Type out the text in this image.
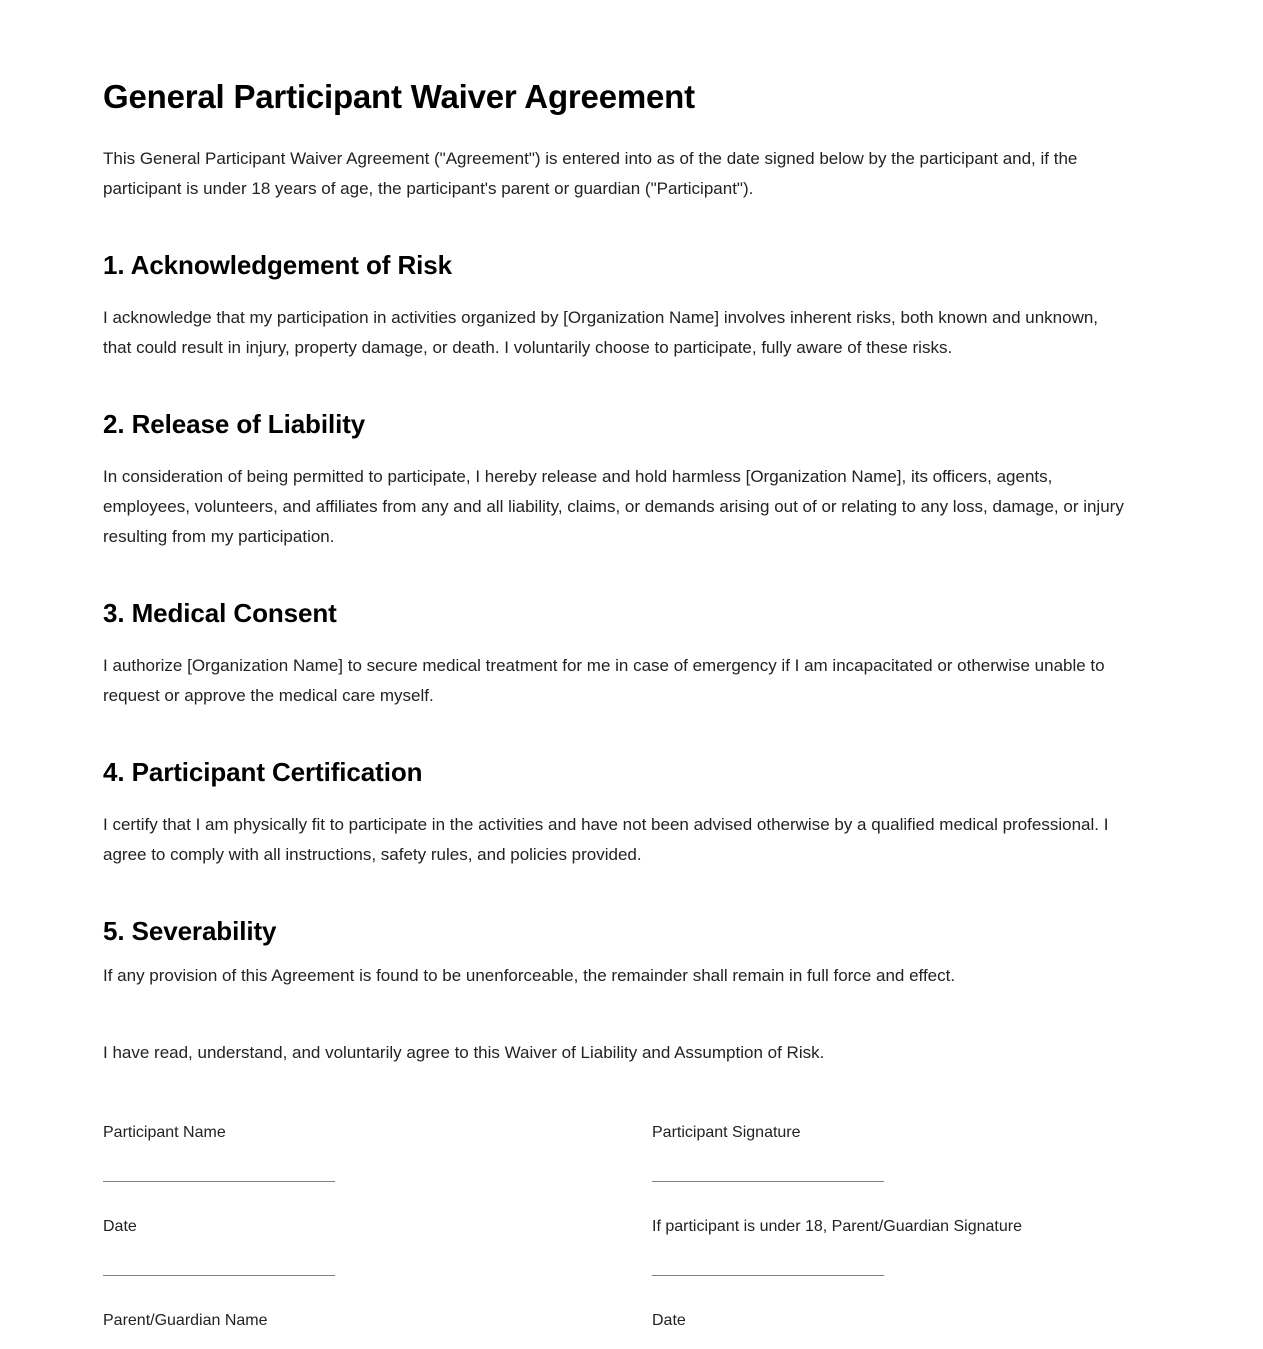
General Participant Waiver Agreement

This General Participant Waiver Agreement ("Agreement") is entered into as of the date signed below by the participant and, if the participant is under 18 years of age, the participant's parent or guardian ("Participant").

1. Acknowledgement of Risk

I acknowledge that my participation in activities organized by [Organization Name] involves inherent risks, both known and unknown, that could result in injury, property damage, or death. I voluntarily choose to participate, fully aware of these risks.

2. Release of Liability

In consideration of being permitted to participate, I hereby release and hold harmless [Organization Name], its officers, agents, employees, volunteers, and affiliates from any and all liability, claims, or demands arising out of or relating to any loss, damage, or injury resulting from my participation.

3. Medical Consent

I authorize [Organization Name] to secure medical treatment for me in case of emergency if I am incapacitated or otherwise unable to request or approve the medical care myself.

4. Participant Certification

I certify that I am physically fit to participate in the activities and have not been advised otherwise by a qualified medical professional. I agree to comply with all instructions, safety rules, and policies provided.

5. Severability

If any provision of this Agreement is found to be unenforceable, the remainder shall remain in full force and effect.

I have read, understand, and voluntarily agree to this Waiver of Liability and Assumption of Risk.

Participant Name	Participant Signature
Date	If participant is under 18, Parent/Guardian Signature
Parent/Guardian Name	Date
